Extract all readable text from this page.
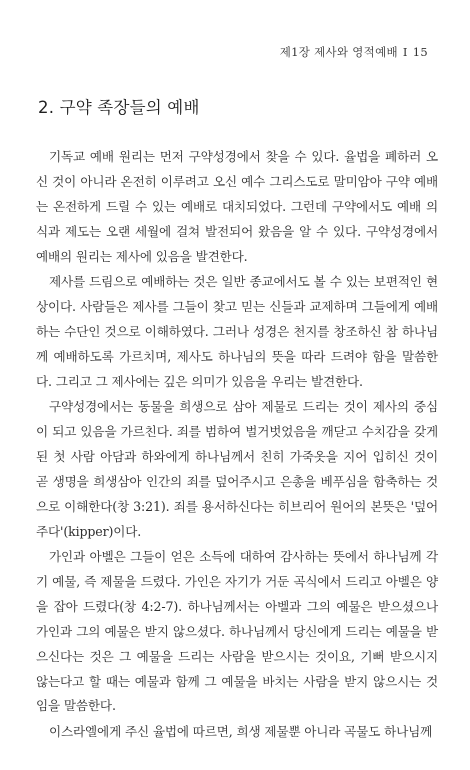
제1장 제사와 영적예배 I 15
2. 구약 족장들의 예배

기독교 예배 원리는 먼저 구약성경에서 찾을 수 있다. 율법을 폐하러 오신 것이 아니라 온전히 이루려고 오신 예수 그리스도로 말미암아 구약 예배는 온전하게 드릴 수 있는 예배로 대치되었다. 그런데 구약에서도 예배 의식과 제도는 오랜 세월에 걸쳐 발전되어 왔음을 알 수 있다. 구약성경에서 예배의 원리는 제사에 있음을 발견한다.

제사를 드림으로 예배하는 것은 일반 종교에서도 볼 수 있는 보편적인 현상이다. 사람들은 제사를 그들이 찾고 믿는 신들과 교제하며 그들에게 예배하는 수단인 것으로 이해하였다. 그러나 성경은 천지를 창조하신 참 하나님께 예배하도록 가르치며, 제사도 하나님의 뜻을 따라 드려야 함을 말씀한다. 그리고 그 제사에는 깊은 의미가 있음을 우리는 발견한다.

구약성경에서는 동물을 희생으로 삼아 제물로 드리는 것이 제사의 중심이 되고 있음을 가르친다. 죄를 범하여 벌거벗었음을 깨닫고 수치감을 갖게 된 첫 사람 아담과 하와에게 하나님께서 친히 가죽옷을 지어 입히신 것이 곧 생명을 희생삼아 인간의 죄를 덮어주시고 은총을 베푸심을 함축하는 것으로 이해한다(창 3:21). 죄를 용서하신다는 히브리어 원어의 본뜻은 '덮어주다'(kipper)이다.

가인과 아벨은 그들이 얻은 소득에 대하여 감사하는 뜻에서 하나님께 각기 예물, 즉 제물을 드렸다. 가인은 자기가 거둔 곡식에서 드리고 아벨은 양을 잡아 드렸다(창 4:2-7). 하나님께서는 아벨과 그의 예물은 받으셨으나 가인과 그의 예물은 받지 않으셨다. 하나님께서 당신에게 드리는 예물을 받으신다는 것은 그 예물을 드리는 사람을 받으시는 것이요, 기뻐 받으시지 않는다고 할 때는 예물과 함께 그 예물을 바치는 사람을 받지 않으시는 것임을 말씀한다.

이스라엘에게 주신 율법에 따르면, 희생 제물뿐 아니라 곡물도 하나님께
